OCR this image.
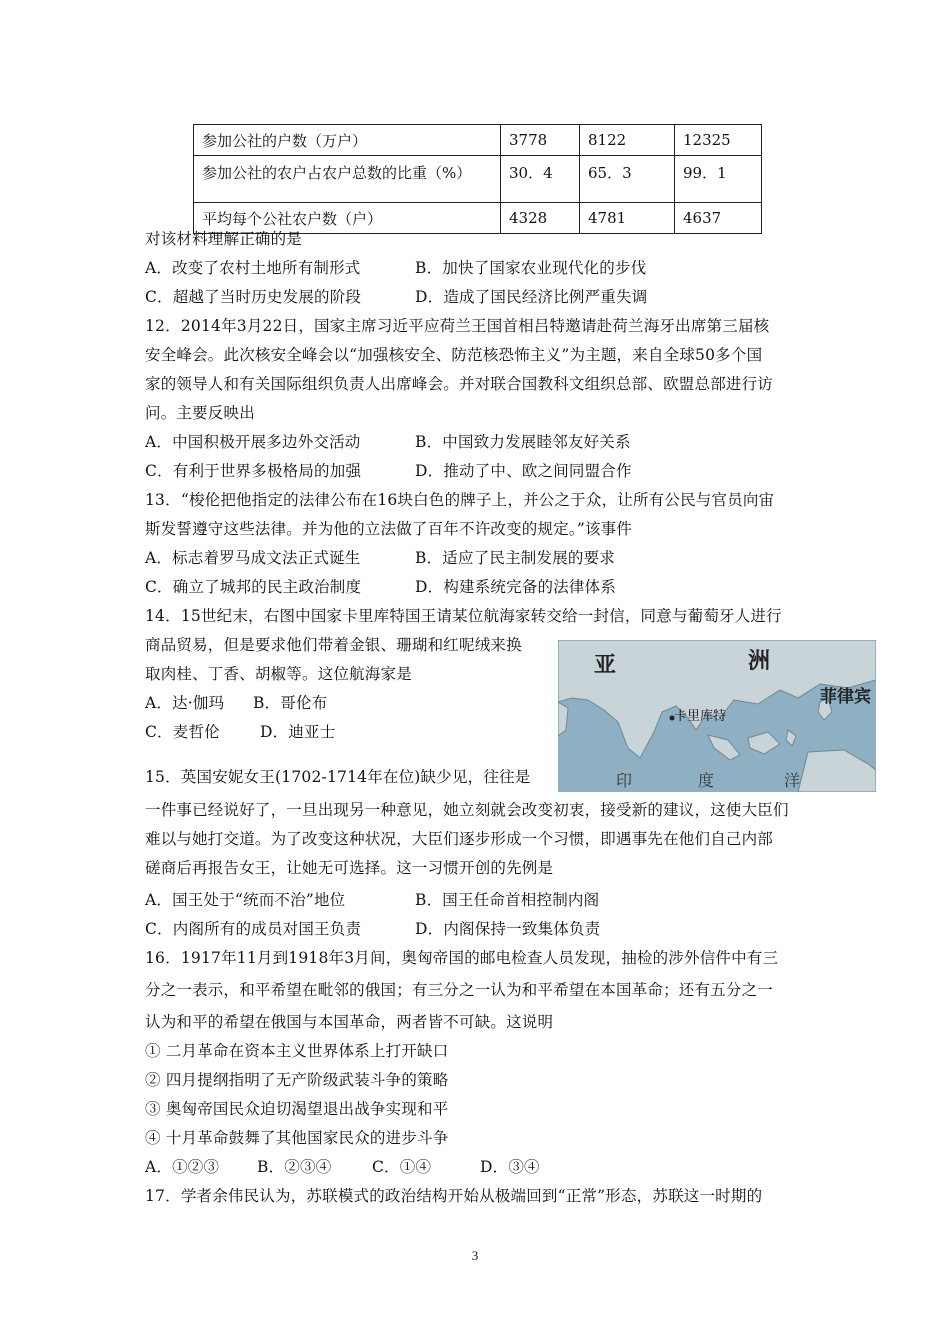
参加公社的户数（万户）	3778	8122	12325
参加公社的农户占农户总数的比重（%）	30．4	65．3	99．1
平均每个公社农户数（户）	4328	4781	4637
对该材料理解正确的是
A．改变了农村土地所有制形式	B．加快了国家农业现代化的步伐
C．超越了当时历史发展的阶段	D．造成了国民经济比例严重失调
12．2014年3月22日，国家主席习近平应荷兰王国首相吕特邀请赴荷兰海牙出席第三届核
安全峰会。此次核安全峰会以“加强核安全、防范核恐怖主义”为主题，来自全球50多个国
家的领导人和有关国际组织负责人出席峰会。并对联合国教科文组织总部、欧盟总部进行访
问。主要反映出
A．中国积极开展多边外交活动	B．中国致力发展睦邻友好关系
C．有利于世界多极格局的加强	D．推动了中、欧之间同盟合作
13．“梭伦把他指定的法律公布在16块白色的牌子上，并公之于众，让所有公民与官员向宙
斯发誓遵守这些法律。并为他的立法做了百年不许改变的规定。”该事件
A．标志着罗马成文法正式诞生	B．适应了民主制发展的要求
C．确立了城邦的民主政治制度	D．构建系统完备的法律体系
14．15世纪末，右图中国家卡里库特国王请某位航海家转交给一封信，同意与葡萄牙人进行
商品贸易，但是要求他们带着金银、珊瑚和红呢绒来换
取肉桂、丁香、胡椒等。这位航海家是
A．达·伽玛 B．哥伦布
C．麦哲伦	D．迪亚士
亚	洲
菲律宾
卡里库特
印	度	洋
15．英国安妮女王(1702-1714年在位)缺少见，往往是
一件事已经说好了，一旦出现另一种意见，她立刻就会改变初衷，接受新的建议，这使大臣们
难以与她打交道。为了改变这种状况，大臣们逐步形成一个习惯，即遇事先在他们自己内部
磋商后再报告女王，让她无可选择。这一习惯开创的先例是
A．国王处于“统而不治”地位	B．国王任命首相控制内阁
C．内阁所有的成员对国王负责	D．内阁保持一致集体负责
16．1917年11月到1918年3月间，奥匈帝国的邮电检查人员发现，抽检的涉外信件中有三
分之一表示，和平希望在毗邻的俄国；有三分之一认为和平希望在本国革命；还有五分之一
认为和平的希望在俄国与本国革命，两者皆不可缺。这说明
① 二月革命在资本主义世界体系上打开缺口
② 四月提纲指明了无产阶级武装斗争的策略
③ 奥匈帝国民众迫切渴望退出战争实现和平
④ 十月革命鼓舞了其他国家民众的进步斗争
A．①②③ B．②③④	C．①④	D．③④
17．学者余伟民认为，苏联模式的政治结构开始从极端回到“正常”形态，苏联这一时期的
3
